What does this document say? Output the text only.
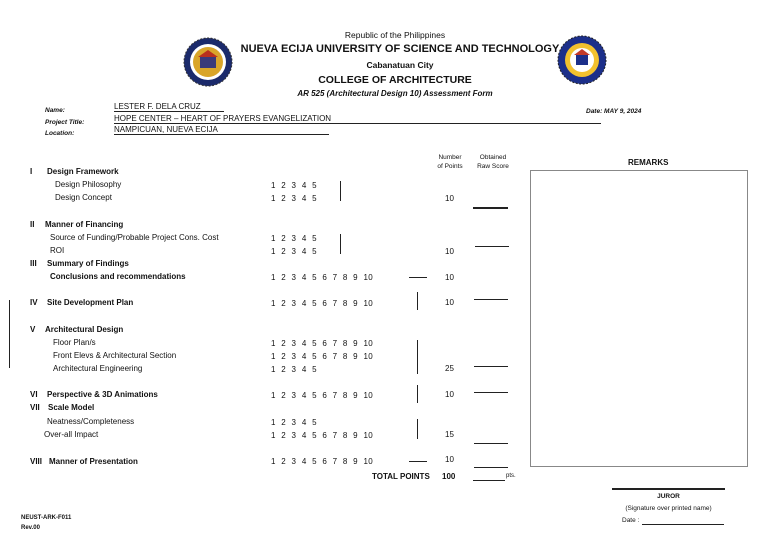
Republic of the Philippines
NUEVA ECIJA UNIVERSITY OF SCIENCE AND TECHNOLOGY
Cabanatuan City
COLLEGE OF ARCHITECTURE
AR 525 (Architectural Design 10) Assessment Form
Name:	LESTER F. DELA CRUZ
Project Title:	HOPE CENTER – HEART OF PRAYERS EVANGELIZATION
Location:	NAMPICUAN, NUEVA ECIJA
Date: MAY 9, 2024
Number
of Points
Obtained
Raw Score	REMARKS
I Design Framework
Design Philosophy	1 2 3 4 5
Design Concept	1 2 3 4 5	10
II Manner of Financing
Source of Funding/Probable Project Cons. Cost	1 2 3 4 5
ROI	1 2 3 4 5	10
III Summary of Findings
Conclusions and recommendations	1 2 3 4 5 6 7 8 9 10	10
IV Site Development Plan	1 2 3 4 5 6 7 8 9 10	10
V Architectural Design
Floor Plan/s	1 2 3 4 5 6 7 8 9 10
Front Elevs & Architectural Section	1 2 3 4 5 6 7 8 9 10
Architectural Engineering	1 2 3 4 5	25
VI Perspective & 3D Animations	1 2 3 4 5 6 7 8 9 10	10
VII Scale Model
Neatness/Completeness	1 2 3 4 5
Over-all Impact	1 2 3 4 5 6 7 8 9 10	15
VIII Manner of Presentation	1 2 3 4 5 6 7 8 9 10	10
TOTAL POINTS 100	pts.
JUROR
(Signature over printed name)
Date :
NEUST-ARK-F011
Rev.00
